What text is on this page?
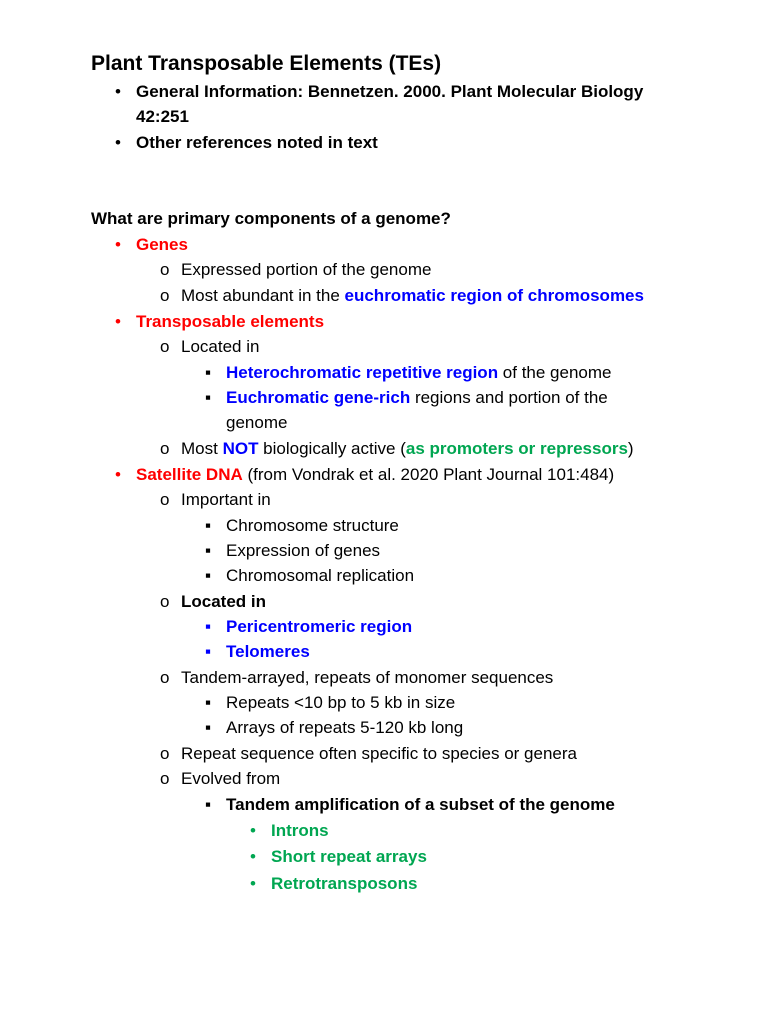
Plant Transposable Elements (TEs)
• General Information: Bennetzen. 2000. Plant Molecular Biology
42:251
• Other references noted in text
What are primary components of a genome?
• Genes
o Expressed portion of the genome
o Most abundant in the euchromatic region of chromosomes
• Transposable elements
o Located in
▪ Heterochromatic repetitive region of the genome
▪ Euchromatic gene-rich regions and portion of the
genome
o Most NOT biologically active (as promoters or repressors)
• Satellite DNA (from Vondrak et al. 2020 Plant Journal 101:484)
o Important in
▪ Chromosome structure
▪ Expression of genes
▪ Chromosomal replication
o Located in
▪ Pericentromeric region
▪ Telomeres
o Tandem-arrayed, repeats of monomer sequences
▪ Repeats <10 bp to 5 kb in size
▪ Arrays of repeats 5-120 kb long
o Repeat sequence often specific to species or genera
o Evolved from
▪ Tandem amplification of a subset of the genome
• Introns
• Short repeat arrays
• Retrotransposons
